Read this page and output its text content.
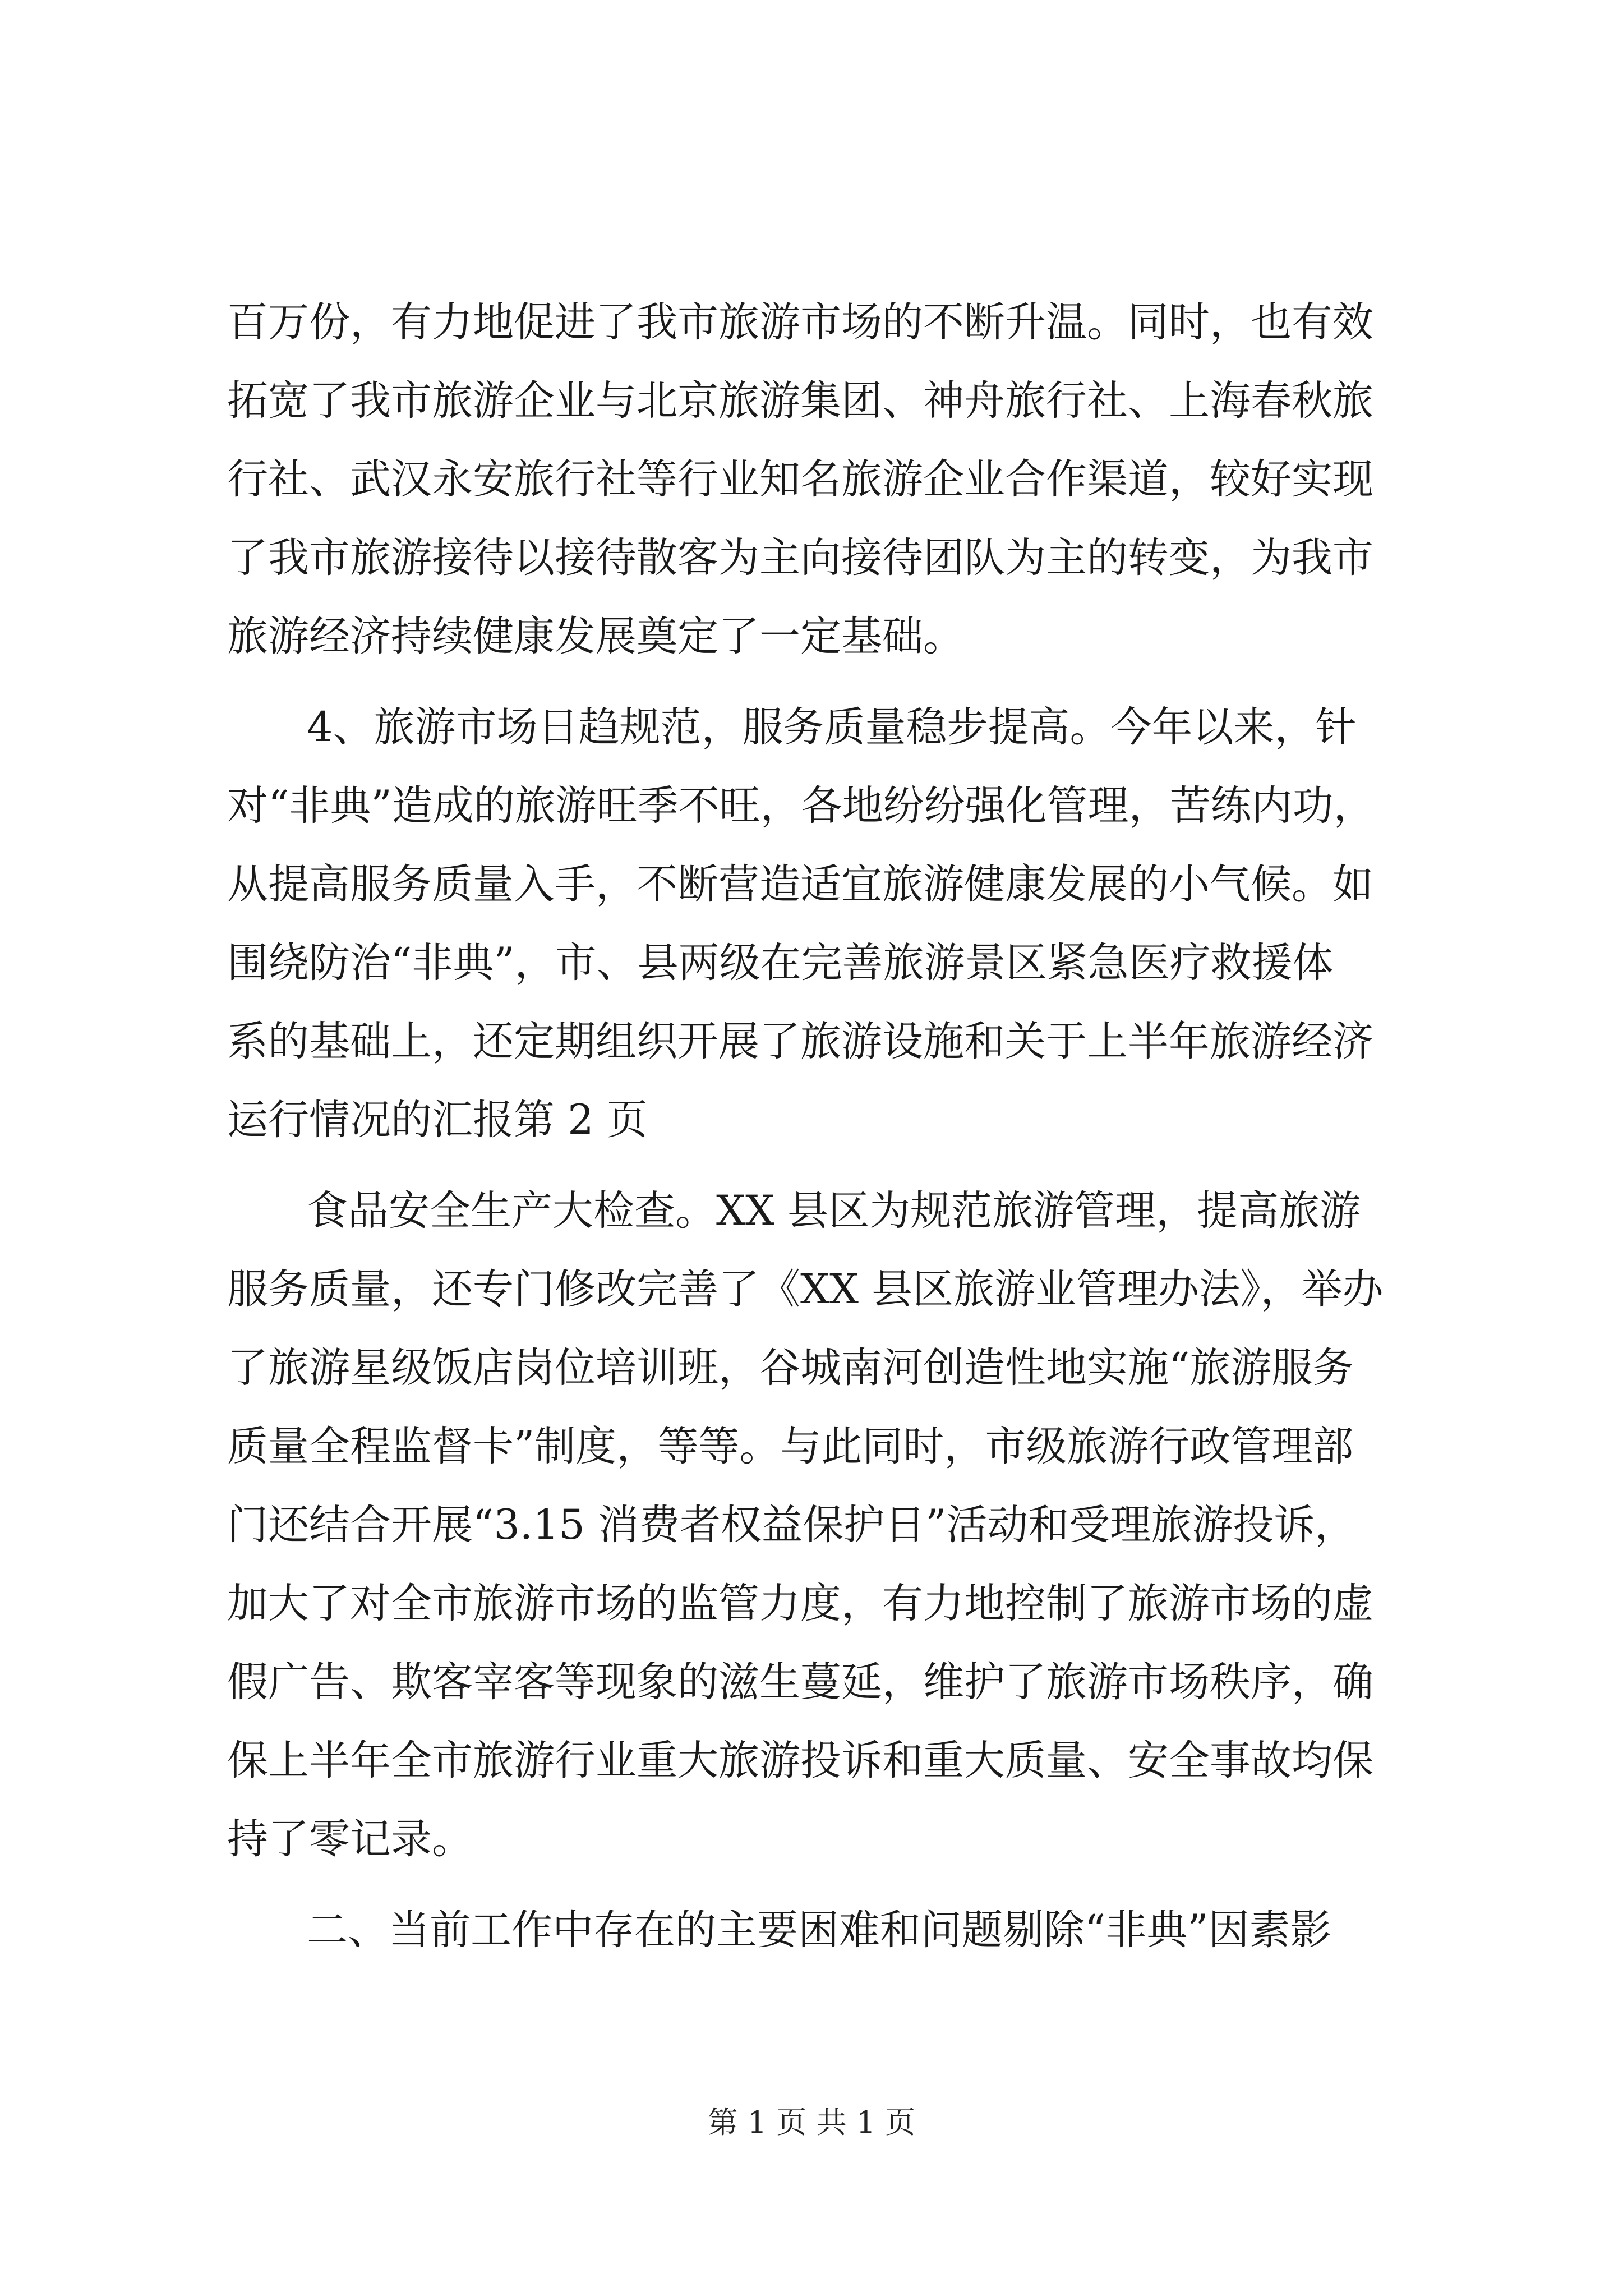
百万份，有力地促进了我市旅游市场的不断升温。同时，也有效
拓宽了我市旅游企业与北京旅游集团、神舟旅行社、上海春秋旅
行社、武汉永安旅行社等行业知名旅游企业合作渠道，较好实现
了我市旅游接待以接待散客为主向接待团队为主的转变，为我市
旅游经济持续健康发展奠定了一定基础。
4、旅游市场日趋规范，服务质量稳步提高。今年以来，针
对“非典”造成的旅游旺季不旺，各地纷纷强化管理，苦练内功，
从提高服务质量入手，不断营造适宜旅游健康发展的小气候。如
围绕防治“非典”，市、县两级在完善旅游景区紧急医疗救援体
系的基础上，还定期组织开展了旅游设施和关于上半年旅游经济
运行情况的汇报第 2 页
食品安全生产大检查。XX 县区为规范旅游管理，提高旅游
服务质量，还专门修改完善了《XX 县区旅游业管理办法》，举办
了旅游星级饭店岗位培训班，谷城南河创造性地实施“旅游服务
质量全程监督卡”制度，等等。与此同时，市级旅游行政管理部
门还结合开展“3.15 消费者权益保护日”活动和受理旅游投诉，
加大了对全市旅游市场的监管力度，有力地控制了旅游市场的虚
假广告、欺客宰客等现象的滋生蔓延，维护了旅游市场秩序，确
保上半年全市旅游行业重大旅游投诉和重大质量、安全事故均保
持了零记录。
二、当前工作中存在的主要困难和问题剔除“非典”因素影
第 1 页 共 1 页
